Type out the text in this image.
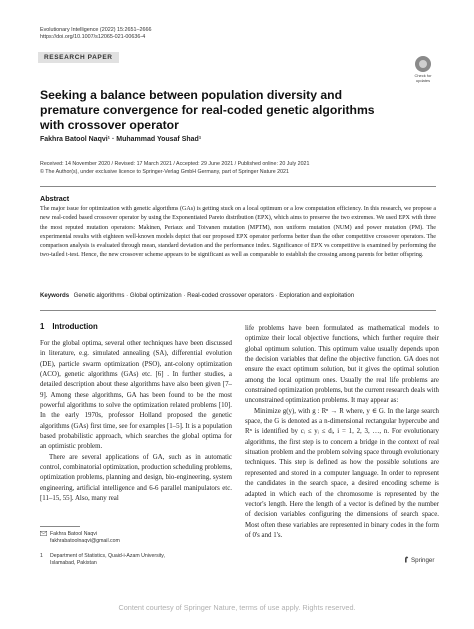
Evolutionary Intelligence (2022) 15:2651–2666
https://doi.org/10.1007/s12065-021-00636-4
RESEARCH PAPER
Check for
updates
Seeking a balance between population diversity and premature convergence for real-coded genetic algorithms with crossover operator
Fakhra Batool Naqvi¹ · Muhammad Yousaf Shad¹
Received: 14 November 2020 / Revised: 17 March 2021 / Accepted: 29 June 2021 / Published online: 20 July 2021
© The Author(s), under exclusive licence to Springer-Verlag GmbH Germany, part of Springer Nature 2021
Abstract

The major issue for optimization with genetic algorithms (GAs) is getting stuck on a local optimum or a low computation efficiency. In this research, we propose a new real-coded based crossover operator by using the Exponentiated Pareto distribution (EPX), which aims to preserve the two extremes. We used EPX with three the most reputed mutation operators: Makinen, Periaux and Toivanen mutation (MPTM), non uniform mutation (NUM) and power mutation (PM). The experimental results with eighteen well-known models depict that our proposed EPX operator performs better than the other competitive crossover operators. The comparison analysis is evaluated through mean, standard deviation and the performance index. Significance of EPX vs competitive is examined by performing the two-tailed t-test. Hence, the new crossover scheme appears to be significant as well as comparable to establish the crossing among parents for better offspring.

Keywords Genetic algorithms · Global optimization · Real-coded crossover operators · Exploration and exploitation
1 Introduction

For the global optima, several other techniques have been discussed in literature, e.g. simulated annealing (SA), differential evolution (DE), particle swarm optimization (PSO), ant-colony optimization (ACO), genetic algorithms (GAs) etc. [6] . In further studies, a detailed description about these algorithms have also been given [7–9]. Among these algorithms, GA has been found to be the most powerful algorithms to solve the optimization related problems [10]. In the early 1970s, professor Holland proposed the genetic algorithms (GAs) first time, see for examples [1–5]. It is a population based probabilistic approach, which searches the global optima for an optimistic problem.

There are several applications of GA, such as in automatic control, combinatorial optimization, production scheduling problems, optimization problems, planning and design, bio-engineering, system engineering, artificial intelligence and 6-6 parallel manipulators etc. [11–15, 55]. Also, many real

life problems have been formulated as mathematical models to optimize their local objective functions, which further require their global optimum solution. This optimum value usually depends upon the decision variables that define the objective function. GA does not ensure the exact optimum solution, but it gives the optimal solution among the local optimum ones. Usually the real life problems are constrained optimization problems, but the current research deals with unconstrained optimization problems. It may appear as:

Minimize g(y), with g : Rⁿ → R where, y ∈ G. In the large search space, the G is denoted as a n-dimensional rectangular hypercube and Rⁿ is identified by cᵢ ≤ yᵢ ≤ dᵢ, i = 1, 2, 3, …, n. For evolutionary algorithms, the first step is to concern a bridge in the context of real situation problem and the problem solving space through evolutionary techniques. This step is defined as how the possible solutions are represented and stored in a computer language. In order to represent the candidates in the search space, a desired encoding scheme is adapted in which each of the chromosome is represented by the vector's length. Here the length of a vector is defined by the number of decision variables configuring the dimensions of search space. Most often these variables are represented in binary codes in the form of 0's and 1's.

Fakhra Batool Naqvi
fakhrabatoolnaqvi@gmail.com
1 Department of Statistics, Quaid-i-Azam University,
Islamabad, Pakistan	Springer
Content courtesy of Springer Nature, terms of use apply. Rights reserved.
